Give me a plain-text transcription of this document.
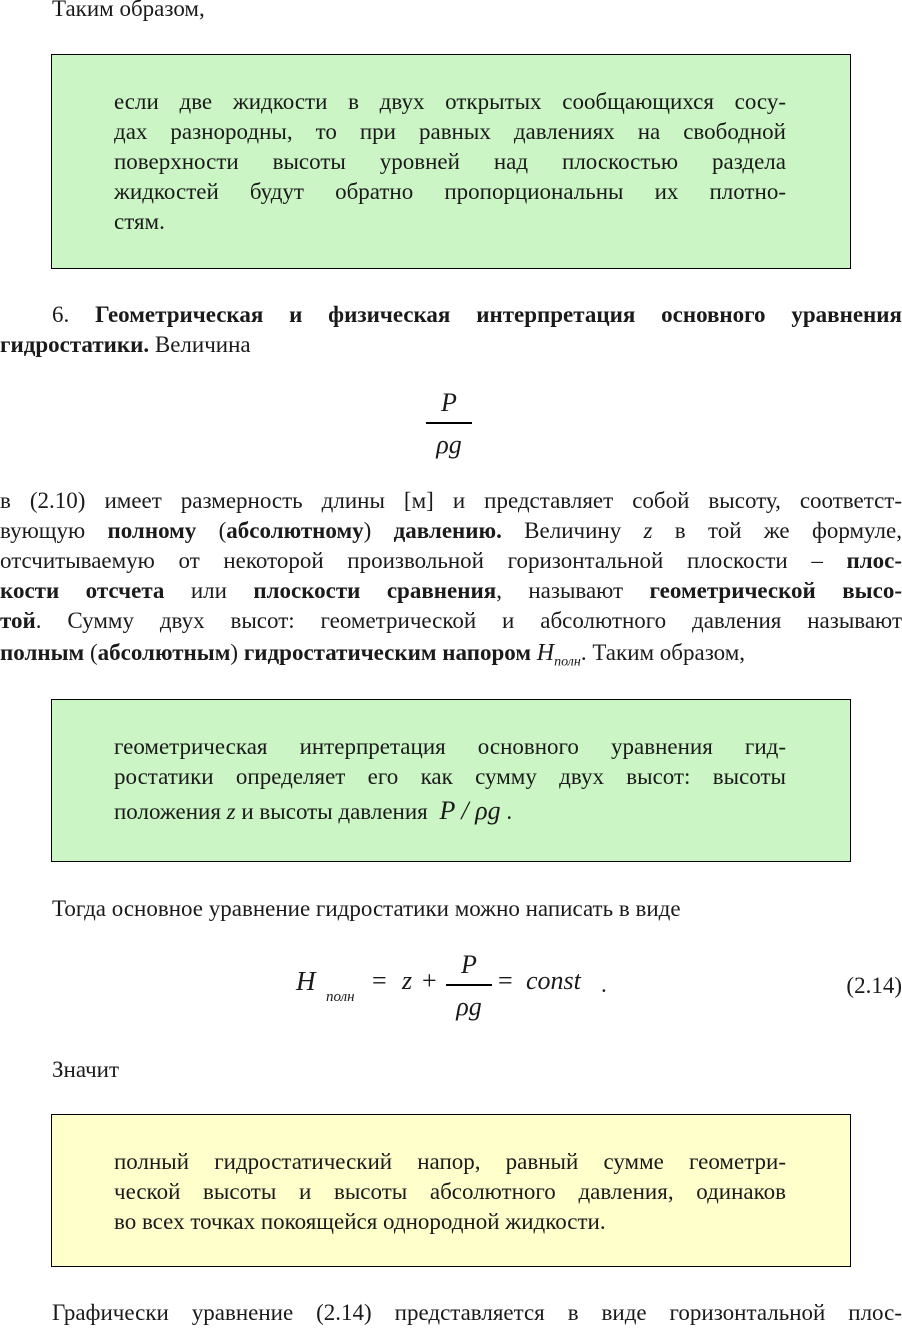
Таким образом,
если две жидкости в двух открытых сообщающихся сосу-
дах разнородны, то при равных давлениях на свободной
поверхности высоты уровней над плоскостью раздела
жидкостей будут обратно пропорциональны их плотно-
стям.
6. Геометрическая и физическая интерпретация основного уравнения
гидростатики. Величина
P
ρg
в (2.10) имеет размерность длины [м] и представляет собой высоту, соответст-
вующую полному (абсолютному) давлению. Величину z в той же формуле,
отсчитываемую от некоторой произвольной горизонтальной плоскости – плос-
кости отсчета или плоскости сравнения, называют геометрической высо-
той. Сумму двух высот: геометрической и абсолютного давления называют
полным (абсолютным) гидростатическим напором $H_{полн}$. Таким образом,
геометрическая интерпретация основного уравнения гид-
ростатики определяет его как сумму двух высот: высоты
положения z и высоты давления P / ρg .
Тогда основное уравнение гидростатики можно написать в виде
H
полн
= z +
P
ρg
= const .	(2.14)
Значит
полный гидростатический напор, равный сумме геометри-
ческой высоты и высоты абсолютного давления, одинаков
во всех точках покоящейся однородной жидкости.
Графически уравнение (2.14) представляется в виде горизонтальной плос-
